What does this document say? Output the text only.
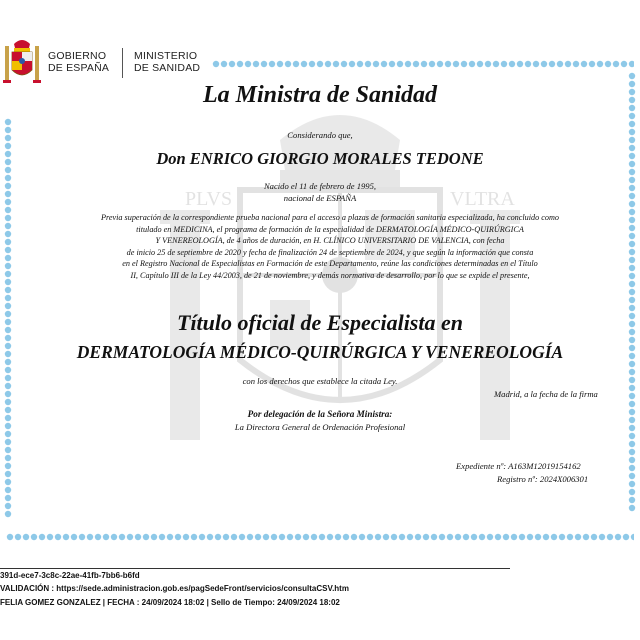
GOBIERNO
DE ESPAÑA
MINISTERIO
DE SANIDAD
PLVS	VLTRA
La Ministra de Sanidad
Considerando que,
Don ENRICO GIORGIO MORALES TEDONE
Nacido el 11 de febrero de 1995,
nacional de ESPAÑA
Previa superación de la correspondiente prueba nacional para el acceso a plazas de formación sanitaria especializada, ha concluido como
titulado en MEDICINA, el programa de formación de la especialidad de DERMATOLOGÍA MÉDICO-QUIRÚRGICA
Y VENEREOLOGÍA, de 4 años de duración, en H. CLÍNICO UNIVERSITARIO DE VALENCIA, con fecha
de inicio 25 de septiembre de 2020 y fecha de finalización 24 de septiembre de 2024, y que según la información que consta
en el Registro Nacional de Especialistas en Formación de este Departamento, reúne las condiciones determinadas en el Título
II, Capítulo III de la Ley 44/2003, de 21 de noviembre, y demás normativa de desarrollo, por lo que se expide el presente,
Título oficial de Especialista en
DERMATOLOGÍA MÉDICO-QUIRÚRGICA Y VENEREOLOGÍA
con los derechos que establece la citada Ley.
Madrid, a la fecha de la firma
Por delegación de la Señora Ministra:
La Directora General de Ordenación Profesional
Expediente nº: A163M12019154162
Registro nº: 2024X006301
391d-ece7-3c8c-22ae-41fb-7bb6-b6fd
VALIDACIÓN : https://sede.administracion.gob.es/pagSedeFront/servicios/consultaCSV.htm
FELIA GOMEZ GONZALEZ | FECHA : 24/09/2024 18:02 | Sello de Tiempo: 24/09/2024 18:02
